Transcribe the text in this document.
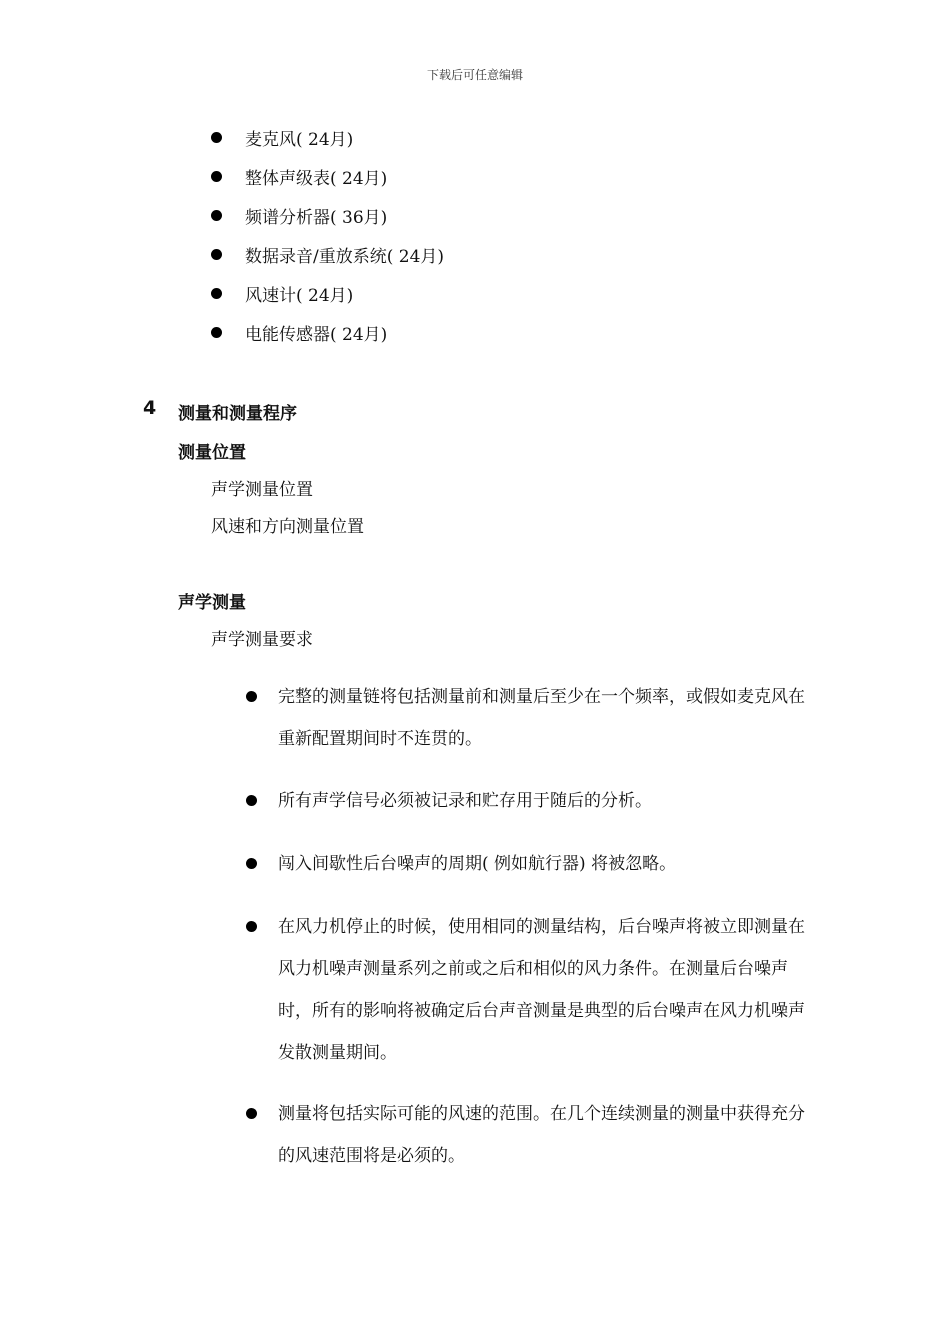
下载后可任意编辑
麦克风( 24月)
整体声级表( 24月)
频谱分析器( 36月)
数据录音/重放系统( 24月)
风速计( 24月)
电能传感器( 24月)
4 测量和测量程序
测量位置
声学测量位置
风速和方向测量位置
声学测量
声学测量要求
完整的测量链将包括测量前和测量后至少在一个频率，或假如麦克风在重新配置期间时不连贯的。
所有声学信号必须被记录和贮存用于随后的分析。
闯入间歇性后台噪声的周期( 例如航行器) 将被忽略。
在风力机停止的时候，使用相同的测量结构，后台噪声将被立即测量在风力机噪声测量系列之前或之后和相似的风力条件。在测量后台噪声时，所有的影响将被确定后台声音测量是典型的后台噪声在风力机噪声发散测量期间。
测量将包括实际可能的风速的范围。在几个连续测量的测量中获得充分的风速范围将是必须的。
